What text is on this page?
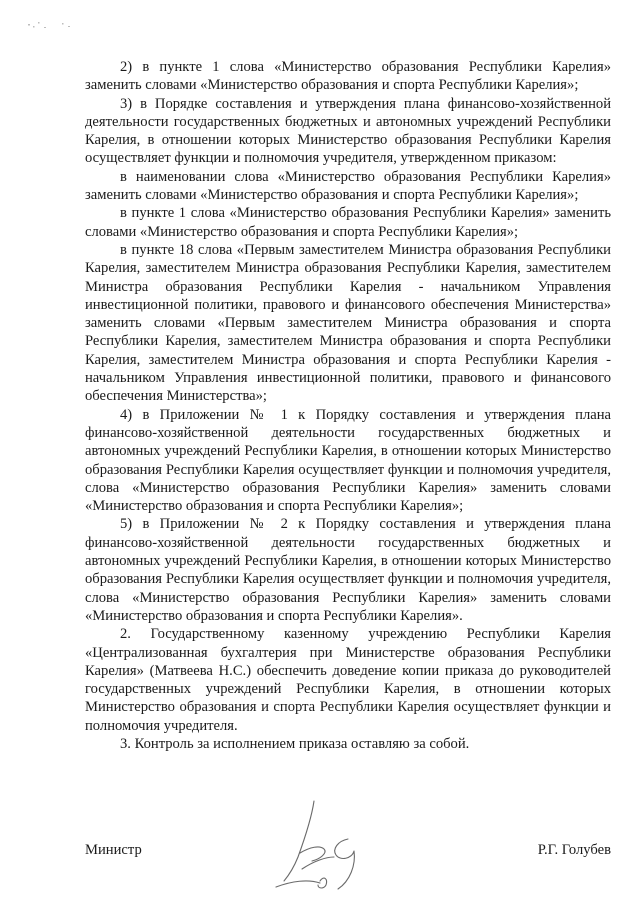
2) в пункте 1 слова «Министерство образования Республики Карелия» заменить словами «Министерство образования и спорта Республики Карелия»;

3) в Порядке составления и утверждения плана финансово-хозяйственной деятельности государственных бюджетных и автономных учреждений Республики Карелия, в отношении которых Министерство образования Республики Карелия осуществляет функции и полномочия учредителя, утвержденном приказом:

в наименовании слова «Министерство образования Республики Карелия» заменить словами «Министерство образования и спорта Республики Карелия»;

в пункте 1 слова «Министерство образования Республики Карелия» заменить словами «Министерство образования и спорта Республики Карелия»;

в пункте 18 слова «Первым заместителем Министра образования Республики Карелия, заместителем Министра образования Республики Карелия, заместителем Министра образования Республики Карелия - начальником Управления инвестиционной политики, правового и финансового обеспечения Министерства» заменить словами «Первым заместителем Министра образования и спорта Республики Карелия, заместителем Министра образования и спорта Республики Карелия, заместителем Министра образования и спорта Республики Карелия - начальником Управления инвестиционной политики, правового и финансового обеспечения Министерства»;

4) в Приложении № 1 к Порядку составления и утверждения плана финансово-хозяйственной деятельности государственных бюджетных и автономных учреждений Республики Карелия, в отношении которых Министерство образования Республики Карелия осуществляет функции и полномочия учредителя, слова «Министерство образования Республики Карелия» заменить словами «Министерство образования и спорта Республики Карелия»;

5) в Приложении № 2 к Порядку составления и утверждения плана финансово-хозяйственной деятельности государственных бюджетных и автономных учреждений Республики Карелия, в отношении которых Министерство образования Республики Карелия осуществляет функции и полномочия учредителя, слова «Министерство образования Республики Карелия» заменить словами «Министерство образования и спорта Республики Карелия».

2. Государственному казенному учреждению Республики Карелия «Централизованная бухгалтерия при Министерстве образования Республики Карелия» (Матвеева Н.С.) обеспечить доведение копии приказа до руководителей государственных учреждений Республики Карелия, в отношении которых Министерство образования и спорта Республики Карелия осуществляет функции и полномочия учредителя.

3. Контроль за исполнением приказа оставляю за собой.

Министр	Р.Г. Голубев
